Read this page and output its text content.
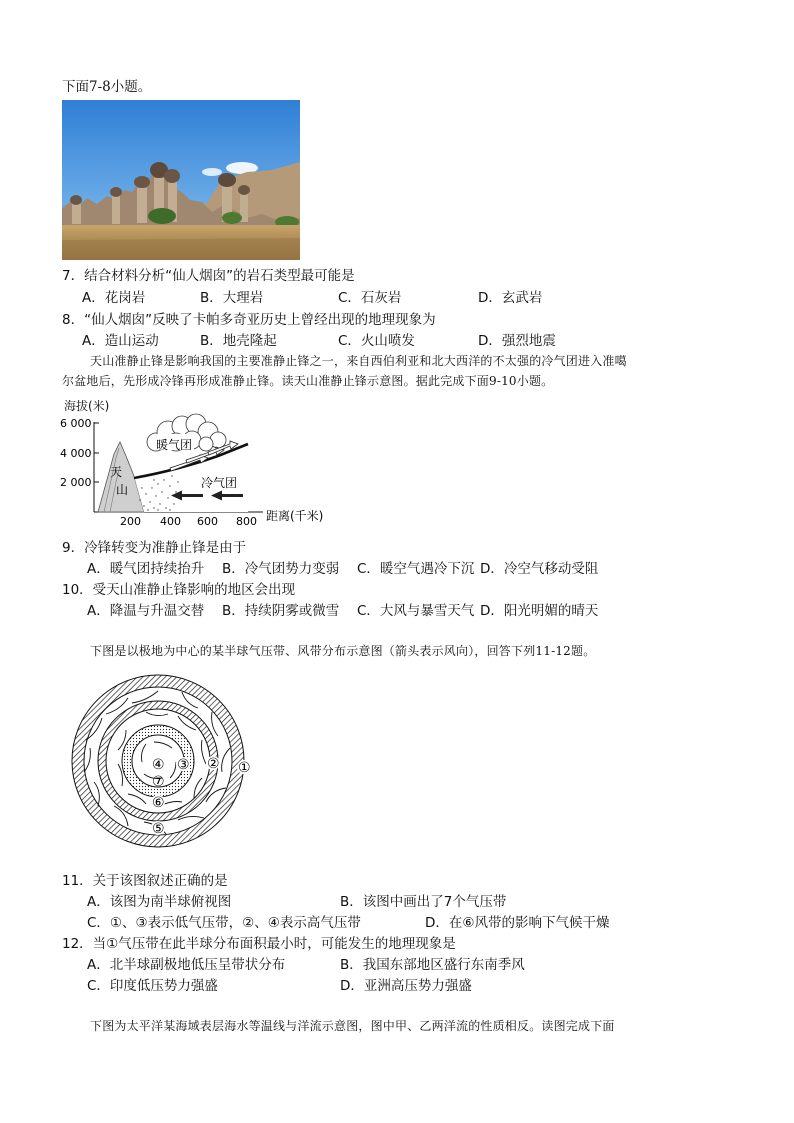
下面7-8小题。
7．结合材料分析“仙人烟囱”的岩石类型最可能是
A．花岗岩	B．大理岩	C．石灰岩	D．玄武岩
8．“仙人烟囱”反映了卡帕多奇亚历史上曾经出现的地理现象为
A．造山运动	B．地壳隆起	C．火山喷发	D．强烈地震
天山准静止锋是影响我国的主要准静止锋之一，来自西伯利亚和北大西洋的不太强的冷气团进入准噶
尔盆地后，先形成冷锋再形成准静止锋。读天山准静止锋示意图。据此完成下面9-10小题。
海拔(米)
6 000
4 000
2 000
200 400 600 800 距离(千米)
天
山
暖气团
冷气团
9．冷锋转变为准静止锋是由于
A．暖气团持续抬升 B．冷气团势力变弱 C．暖空气遇冷下沉 D．冷空气移动受阻
10．受天山准静止锋影响的地区会出现
A．降温与升温交替 B．持续阴雾或微雪 C．大风与暴雪天气 D．阳光明媚的晴天
下图是以极地为中心的某半球气压带、风带分布示意图（箭头表示风向），回答下列11-12题。
①
②
③
④
⑤
⑥
⑦
11．关于该图叙述正确的是
A．该图为南半球俯视图	B．该图中画出了7个气压带
C．①、③表示低气压带，②、④表示高气压带	D．在⑥风带的影响下气候干燥
12．当①气压带在此半球分布面积最小时，可能发生的地理现象是
A．北半球副极地低压呈带状分布	B．我国东部地区盛行东南季风
C．印度低压势力强盛	D．亚洲高压势力强盛
下图为太平洋某海域表层海水等温线与洋流示意图，图中甲、乙两洋流的性质相反。读图完成下面
